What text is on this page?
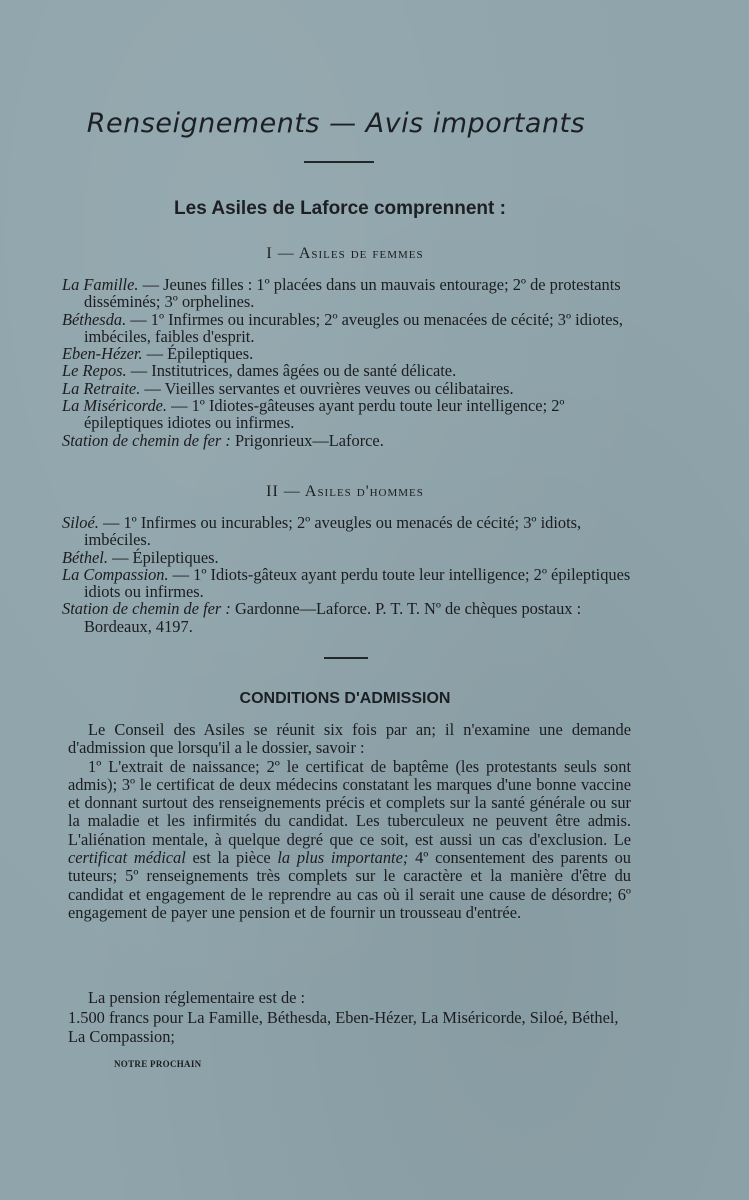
Renseignements — Avis importants
Les Asiles de Laforce comprennent :
I — Asiles de femmes

La Famille. — Jeunes filles : 1º placées dans un mauvais entourage; 2º de protestants disséminés; 3º orphelines.

Béthesda. — 1º Infirmes ou incurables; 2º aveugles ou menacées de cécité; 3º idiotes, imbéciles, faibles d'esprit.

Eben-Hézer. — Épileptiques.

Le Repos. — Institutrices, dames âgées ou de santé délicate.

La Retraite. — Vieilles servantes et ouvrières veuves ou célibataires.

La Miséricorde. — 1º Idiotes-gâteuses ayant perdu toute leur intelligence; 2º épileptiques idiotes ou infirmes.

Station de chemin de fer : Prigonrieux—Laforce.

II — Asiles d'hommes

Siloé. — 1º Infirmes ou incurables; 2º aveugles ou menacés de cécité; 3º idiots, imbéciles.

Béthel. — Épileptiques.

La Compassion. — 1º Idiots-gâteux ayant perdu toute leur intelligence; 2º épileptiques idiots ou infirmes.

Station de chemin de fer : Gardonne—Laforce. P. T. T. Nº de chèques postaux : Bordeaux, 4197.

CONDITIONS D'ADMISSION

Le Conseil des Asiles se réunit six fois par an; il n'examine une demande d'admission que lorsqu'il a le dossier, savoir :

1º L'extrait de naissance; 2º le certificat de baptême (les protestants seuls sont admis); 3º le certificat de deux médecins constatant les marques d'une bonne vaccine et donnant surtout des renseignements précis et complets sur la santé générale ou sur la maladie et les infirmités du candidat. Les tuberculeux ne peuvent être admis. L'aliénation mentale, à quelque degré que ce soit, est aussi un cas d'exclusion. Le certificat médical est la pièce la plus importante; 4º consentement des parents ou tuteurs; 5º renseignements très complets sur le caractère et la manière d'être du candidat et engagement de le reprendre au cas où il serait une cause de désordre; 6º engagement de payer une pension et de fournir un trousseau d'entrée.

La pension réglementaire est de :

1.500 francs pour La Famille, Béthesda, Eben-Hézer, La Miséricorde, Siloé, Béthel, La Compassion;

NOTRE PROCHAIN
